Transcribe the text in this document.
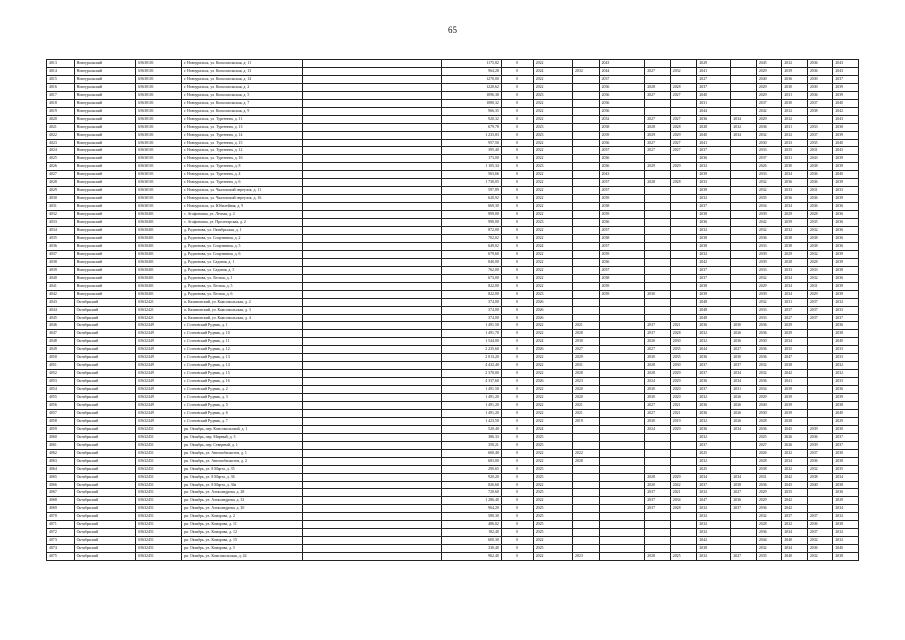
65
4013	Новоуральский	65630101	г. Новоуральск, ул. Комсомольская, д. 11		1175,82	0	2022		2043			2029		2045	2032	2036	2043
4014	Новоуральский	65630101	г. Новоуральск, ул. Комсомольская, д. 13		964,28	0	2024	2032	2044	2027	2032	2041		2029	2039	2036	2043
4015	Новоуральский	65630101	г. Новоуральск, ул. Комсомольская, д. 14		1270,00	0	2022		2037			2027		2040	2036	2030	2037
4016	Новоуральский	65630101	г. Новоуральск, ул. Комсомольская, д. 2		1220,62	0	2022		2036	2028	2028	2037		2029	2030	2030	2039
4017	Новоуральский	65630101	г. Новоуральск, ул. Комсомольская, д. 5		1096,38	0	2023		2036	2027	2027	2040		2029	2031	2036	2039
4018	Новоуральский	65630101	г. Новоуральск, ул. Комсомольская, д. 7		1080,32	0	2022		2036			2031		2037	2030	2037	2040
4019	Новоуральский	65630101	г. Новоуральск, ул. Комсомольская, д. 9		966,35	0	2022		2036			2044		2042	2032	2038	2042
4020	Новоуральский	65630101	г. Новоуральск, ул. Тургенева, д. 11		920,32	0	2022		2032	2027	2027	2036	2034	2029	2032		2043
4021	Новоуральский	65630101	г. Новоуральск, ул. Тургенева, д. 13		679,78	0	2023		2038	2028	2028	2028	2032	2036	2031	2033	2038
4022	Новоуральский	65630101	г. Новоуральск, ул. Тургенева, д. 14		1 233,83	0	2023		2039	2029	2029	2040	2034	2032	2032	2037	2039
4023	Новоуральский	65630101	г. Новоуральск, ул. Тургенева, д. 15		957,50	0	2022		2036	2027	2027	2041		2030	2033	2035	2040
4024	Новоуральский	65630101	г. Новоуральск, ул. Тургенева, д. 12		395,40	0	2022		2037	2027	2027	2037		2033	2035	2031	2043
4025	Новоуральский	65630101	г. Новоуральск, ул. Тургенева, д. 16		173,00	0	2022		2036			2036		2037	2031	2043	2039
4026	Новоуральский	65630101	г. Новоуральск, ул. Тургенева, д. 8		1 105,34	0	2023		2036	2029	2029	2032		2026	2030	2038	2039
4027	Новоуральский	65630101	г. Новоуральск, ул. Тургенева, д. 4		563,66	0	2022		2043			2039		2033	2034	2036	2040
4028	Новоуральский	65630101	г. Новоуральск, ул. Тургенева, д. 6		1 730,05	0	2022		2037	2028	2028	2033		2032	2036	2036	2039
4029	Новоуральский	65630101	г. Новоуральск, ул. Чкаловский переулок, д. 11		597,89	0	2022		2037			2039		2032	2033	2031	2033
4030	Новоуральский	65630101	г. Новоуральск, ул. Чкаловский переулок, д. 16		620,92	0	2022		2039			2032		2035	2036	2036	2039
4031	Новоуральский	65630101	г. Новоуральск, ул. Юбилейная, д. 9		669,30	0	2022		2038			2037		2034	2034	2036	2036
4032	Новоуральский	65630401	с. Агафоновка, ул. Лесная, д. 2		909,00	0	2022		2039			2038		2039	2029	2028	2036
4033	Новоуральский	65630401	с. Агафоновка, ул. Пролетарская, д. 2		990,00	0	2023		2036			2036		2042	2039	2035	2036
4034	Новоуральский	65630401	д. Родионова, ул. Октябрьская, д. 1		872,00	0	2022		2037			2032		2032	2032	2032	2036
4035	Новоуральский	65630401	д. Родионова, ул. Спортивная, д. 2		702,02	0	2022		2038			2038		2036	2038	2038	2036
4036	Новоуральский	65630401	д. Родионова, ул. Спортивная, д. 5		649,02	0	2024		2037			2038		2033	2038	2038	2036
4037	Новоуральский	65630401	д. Родионова, ул. Спортивная, д. 6		679,60	0	2022		2039			2032		2039	2029	2032	2039
4038	Новоуральский	65630401	д. Родионова, ул. Садовая, д. 1		840,00	0	2022		2036			2042		2039	2028	2028	2039
4039	Новоуральский	65630401	д. Родионова, ул. Садовая, д. 5		762,00	0	2022		2037			2037		2033	2033	2033	2038
4040	Новоуральский	65630401	д. Родионова, ул. Лесная, д. 1		673,00	0	2022		2038			2037		2032	2034	2032	2036
4041	Новоуральский	65630401	д. Родионова, ул. Лесная, д. 5		822,00	0	2022		2039			2038		2029	2034	2031	2039
4042	Новоуральский	65630401	д. Родионова, ул. Лесная, д. 6		822,00	0	2023		2039	2030		2039		2039	2034	2029	2039
4043	Октябрьский	65632421	п. Калиновский, ул. Комсомольская, д. 2		374,00	0	2026					2048		2032	2031	2037	2032
4044	Октябрьский	65632421	п. Калиновский, ул. Комсомольская, д. 3		374,00	0	2026					2048		2033	2037	2037	2033
4045	Октябрьский	65632421	п. Калиновский, ул. Комсомольская, д. 4		374,00	0	2026					2048		2033	2027	2037	2037
4046	Октябрьский	65632449	г. Сосновский Рудник, д. 1		1 491,50	0	2022	2021		2037	2021	2036	2030	2036	2029		2036
4047	Октябрьский	65632449	г. Сосновский Рудник, д. 10		1 491,70	0	2022	2028		2037	2028	2032	2026	2036	2029		2038
4048	Октябрьский	65632449	г. Сосновский Рудник, д. 11		1 544,00	0	2024	2030		2026	2030	2032	2036	2030	2034		2040
4049	Октябрьский	65632449	г. Сосновский Рудник, д. 12		2 235,60	0	2026	2027		2027	2035	2044	2027	2036	2035		2033
4050	Октябрьский	65632449	г. Сосновский Рудник, д. 13		2 013,20	0	2022	2029		2030	2035	2036	2030	2036	2047		2033
4051	Октябрьский	65632449	г. Сосновский Рудник, д. 14		4 432,40	0	2022	2031		2028	2030	2037	2037	2032	2038		2032
4052	Октябрьский	65632449	г. Сосновский Рудник, д. 15		2 370,00	0	2022	2028		2028	2029	2037	2034	2032	2042		2032
4053	Октябрьский	65632449	г. Сосновский Рудник, д. 16		4 337,60	0	2026	2023		2024	2029	2036	2034	2036	2041		2033
4054	Октябрьский	65632449	г. Сосновский Рудник, д. 2		1 491,50	0	2022	2020		2030	2020	2037	2031	2034	2039		2036
4055	Октябрьский	65632449	г. Сосновский Рудник, д. 3		1 491,20	0	2022	2020		2030	2020	2032	2026	2029	2039		2039
4056	Октябрьский	65632449	г. Сосновский Рудник, д. 5		1 491,20	0	2022	2021		2027	2021	2036	2026	2040	2039		2038
4057	Октябрьский	65632449	г. Сосновский Рудник, д. 6		1 491,20	0	2022	2021		2027	2021	2036	2026	2030	2039		2040
4058	Октябрьский	65632449	г. Сосновский Рудник, д. 7		1 423,50	0	2022	2019		2030	2019	2032	2026	2028	2028		2029
4059	Октябрьский	65632451	рп. Октябрь, пер. Комсомольский, д. 1		520,40	0	2024			2024	2029	2036	2034	2036	2045	2039	2030
4060	Октябрьский	65632451	рп. Октябрь, пер. Мирный, д. 3		386,33	0	2025					2032		2025	2026	2036	2037
4061	Октябрьский	65632451	рп. Октябрь, пер. Северный, д. 1		350,21	0	2025					2037		2027	2026	2039	2037
4062	Октябрьский	65632451	рп. Октябрь, ул. Автомобилистов, д. 1		600,40	0	2022	2022				2025		2026	2032	2037	2030
4063	Октябрьский	65632451	рп. Октябрь, ул. Автомобилистов, д. 2		683,00	0	2022	2028				2032		2028	2034	2036	2038
4064	Октябрьский	65632451	рп. Октябрь, ул. 8 Марта, д. 35		290,65	0	2025					2025		2038	2032	2032	2035
4065	Октябрьский	65632451	рп. Октябрь, ул. 8 Марта, д. 36		920,20	0	2025			2028	2029	2034	2034	2031	2042	2038	2034
4066	Октябрьский	65632451	рп. Октябрь, ул. 8 Марта, д. 36а		826,60	0	2022			2020	2042	2037	2038	2036	2045	2040	2038
4067	Октябрьский	65632451	рп. Октябрь, ул. Александрова, д. 28		720,60	0	2025			2037	2021	2032	2027	2029	2035		2036
4068	Октябрьский	65632451	рп. Октябрь, ул. Александрова, д. 32		1 286,40	0	2022			2037	2034	2047	2036	2029	2042		2029
4069	Октябрьский	65632451	рп. Октябрь, ул. Александрова, д. 30		964,20	0	2025			2037	2028	2032	2037	2036	2042		2034
4070	Октябрьский	65632451	рп. Октябрь, ул. Комарова, д. 2		580,30	0	2025					2032		2032	2037	2037	2032
4071	Октябрьский	65632451	рп. Октябрь, ул. Комарова, д. 11		486,02	0	2025					2032		2028	2032	2036	2038
4072	Октябрьский	65632451	рп. Октябрь, ул. Комарова, д. 12		182,40	0	2025					2032		2036	2034	2037	2032
4073	Октябрьский	65632451	рп. Октябрь, ул. Комарова, д. 15		600,30	0	2022					2042		2044	2040	2032	2032
4074	Октябрьский	65632451	рп. Октябрь, ул. Комарова, д. 5		330,40	0	2025					2038		2032	2034	2036	2040
4075	Октябрьский	65632451	рп. Октябрь, ул. Комсомольская, д. 42		962,40	0	2022	2023		2028	2025	2032	2027	2035	2040	2032	2038
